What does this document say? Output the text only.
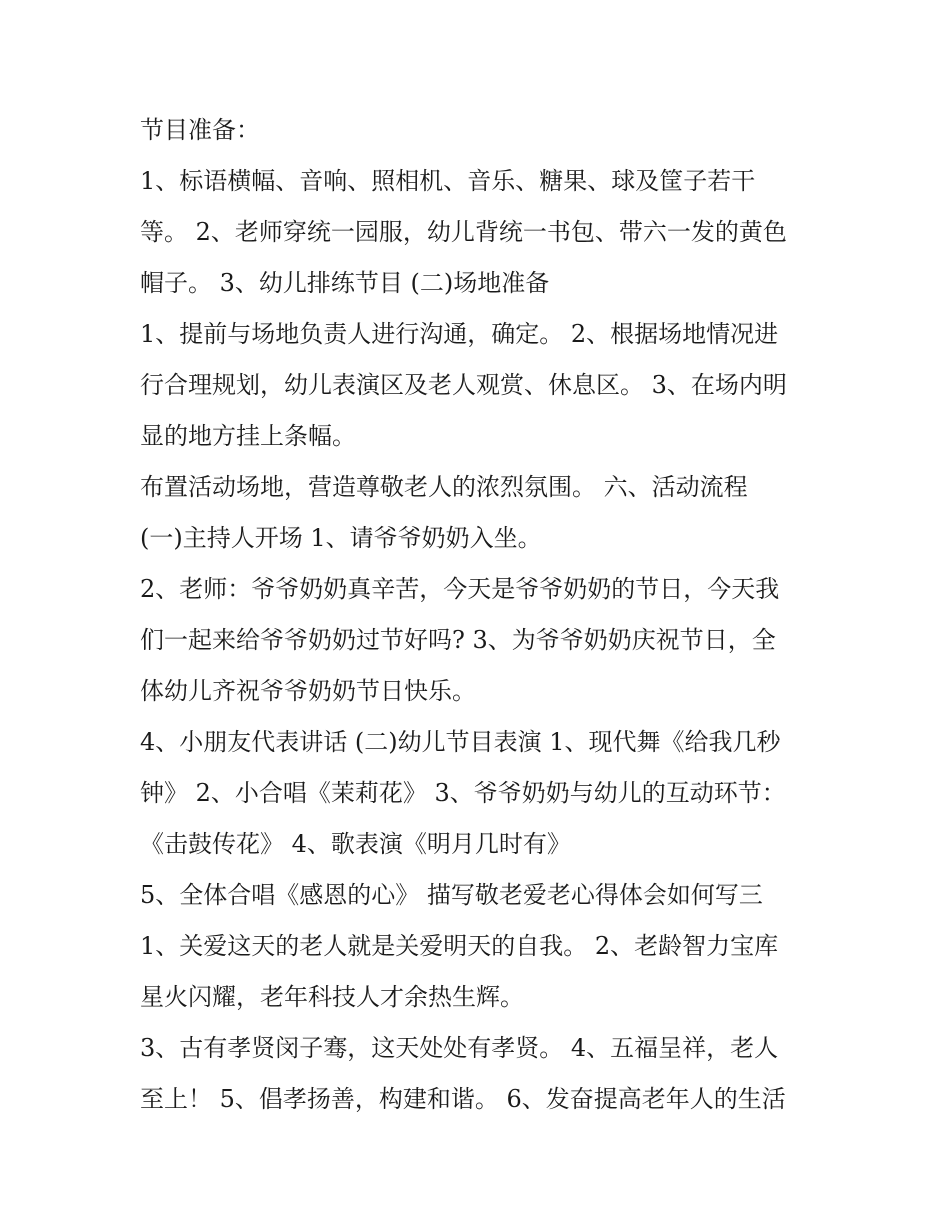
节目准备：
1、标语横幅、音响、照相机、音乐、糖果、球及筐子若干
等。 2、老师穿统一园服，幼儿背统一书包、带六一发的黄色
帽子。 3、幼儿排练节目 (二)场地准备
1、提前与场地负责人进行沟通，确定。 2、根据场地情况进
行合理规划，幼儿表演区及老人观赏、休息区。 3、在场内明
显的地方挂上条幅。
布置活动场地，营造尊敬老人的浓烈氛围。 六、活动流程
(一)主持人开场 1、请爷爷奶奶入坐。
2、老师：爷爷奶奶真辛苦，今天是爷爷奶奶的节日，今天我
们一起来给爷爷奶奶过节好吗? 3、为爷爷奶奶庆祝节日，全
体幼儿齐祝爷爷奶奶节日快乐。
4、小朋友代表讲话 (二)幼儿节目表演 1、现代舞《给我几秒
钟》 2、小合唱《茉莉花》 3、爷爷奶奶与幼儿的互动环节：
《击鼓传花》 4、歌表演《明月几时有》
5、全体合唱《感恩的心》 描写敬老爱老心得体会如何写三
1、关爱这天的老人就是关爱明天的自我。 2、老龄智力宝库
星火闪耀，老年科技人才余热生辉。
3、古有孝贤闵子骞，这天处处有孝贤。 4、五福呈祥，老人
至上！ 5、倡孝扬善，构建和谐。 6、发奋提高老年人的生活
